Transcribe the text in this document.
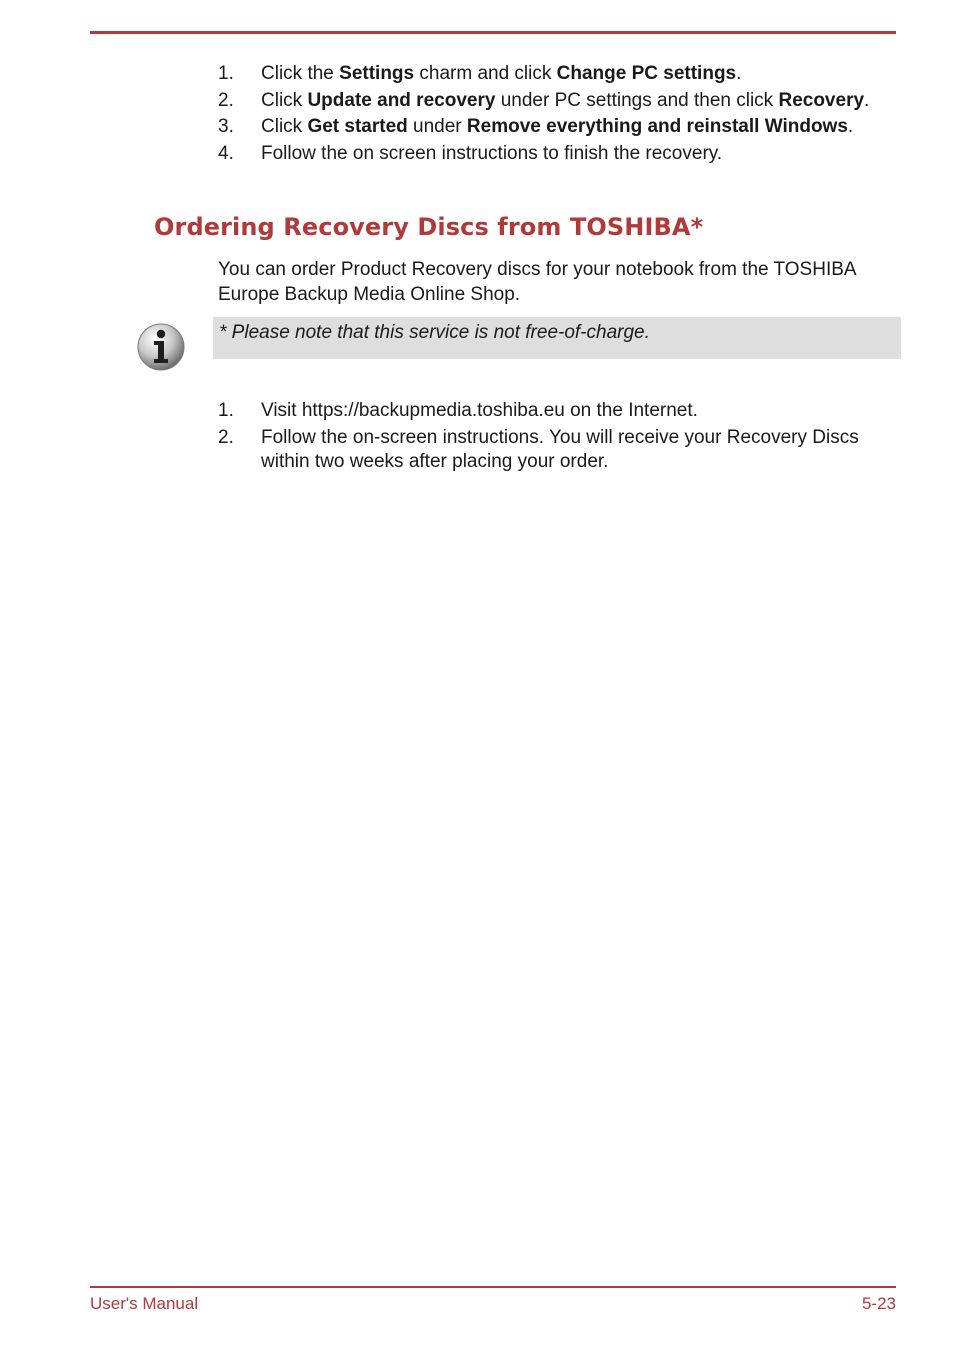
1. Click the Settings charm and click Change PC settings.
2. Click Update and recovery under PC settings and then click Recovery.
3. Click Get started under Remove everything and reinstall Windows.
4. Follow the on screen instructions to finish the recovery.
Ordering Recovery Discs from TOSHIBA*

You can order Product Recovery discs for your notebook from the TOSHIBA Europe Backup Media Online Shop.

* Please note that this service is not free-of-charge.
1. Visit https://backupmedia.toshiba.eu on the Internet.
2. Follow the on-screen instructions. You will receive your Recovery Discs within two weeks after placing your order.
User's Manual	5-23
